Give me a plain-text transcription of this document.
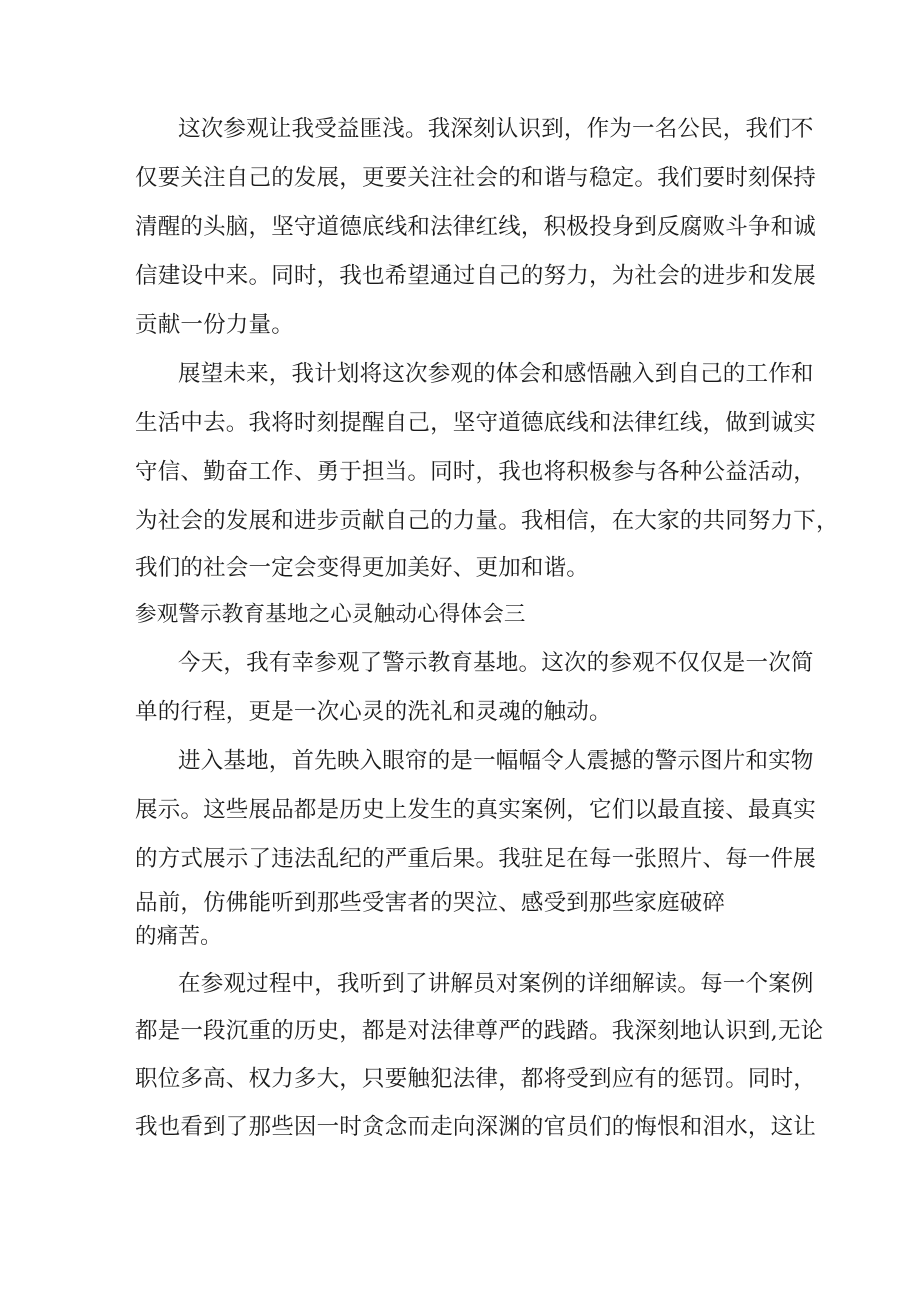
这次参观让我受益匪浅。我深刻认识到，作为一名公民，我们不
仅要关注自己的发展，更要关注社会的和谐与稳定。我们要时刻保持
清醒的头脑，坚守道德底线和法律红线，积极投身到反腐败斗争和诚
信建设中来。同时，我也希望通过自己的努力，为社会的进步和发展
贡献一份力量。
展望未来，我计划将这次参观的体会和感悟融入到自己的工作和
生活中去。我将时刻提醒自己，坚守道德底线和法律红线，做到诚实
守信、勤奋工作、勇于担当。同时，我也将积极参与各种公益活动，
为社会的发展和进步贡献自己的力量。我相信，在大家的共同努力下，
我们的社会一定会变得更加美好、更加和谐。
参观警示教育基地之心灵触动心得体会三
今天，我有幸参观了警示教育基地。这次的参观不仅仅是一次简
单的行程，更是一次心灵的洗礼和灵魂的触动。
进入基地，首先映入眼帘的是一幅幅令人震撼的警示图片和实物
展示。这些展品都是历史上发生的真实案例，它们以最直接、最真实
的方式展示了违法乱纪的严重后果。我驻足在每一张照片、每一件展
品前，仿佛能听到那些受害者的哭泣、感受到那些家庭破碎
的痛苦。
在参观过程中，我听到了讲解员对案例的详细解读。每一个案例
都是一段沉重的历史，都是对法律尊严的践踏。我深刻地认识到,无论
职位多高、权力多大，只要触犯法律，都将受到应有的惩罚。同时，
我也看到了那些因一时贪念而走向深渊的官员们的悔恨和泪水，这让
